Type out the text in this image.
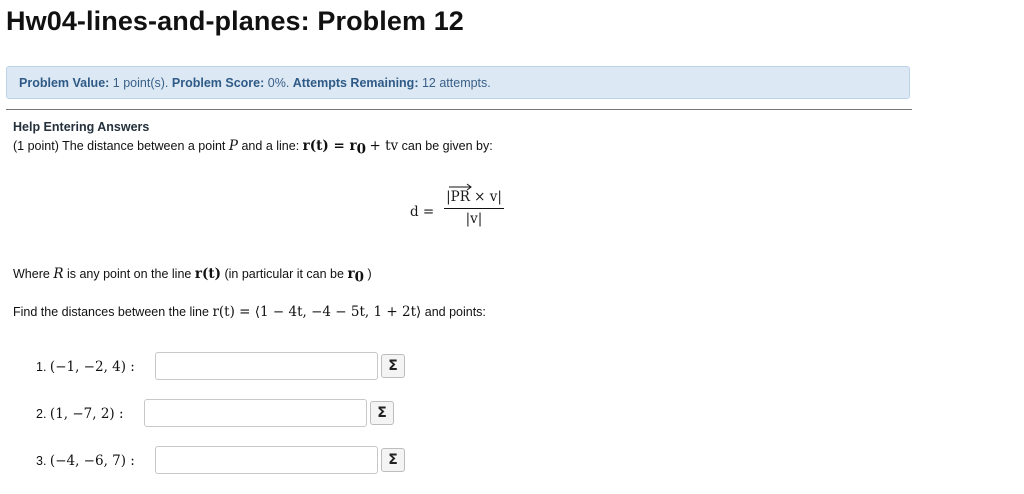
Hw04-lines-and-planes: Problem 12
Problem Value: 1 point(s). Problem Score: 0%. Attempts Remaining: 12 attempts.
Help Entering Answers
(1 point) The distance between a point P and a line: $r(t) = r_0$ + tv can be given by:
d =
|PR × v|
|v|
Where R is any point on the line r(t) (in particular it can be $r_0$ )
Find the distances between the line r(t) = ⟨1 − 4t, −4 − 5t, 1 + 2t⟩ and points:
1. (−1, −2, 4) :	Σ
2. (1, −7, 2) :	Σ
3. (−4, −6, 7) :	Σ
